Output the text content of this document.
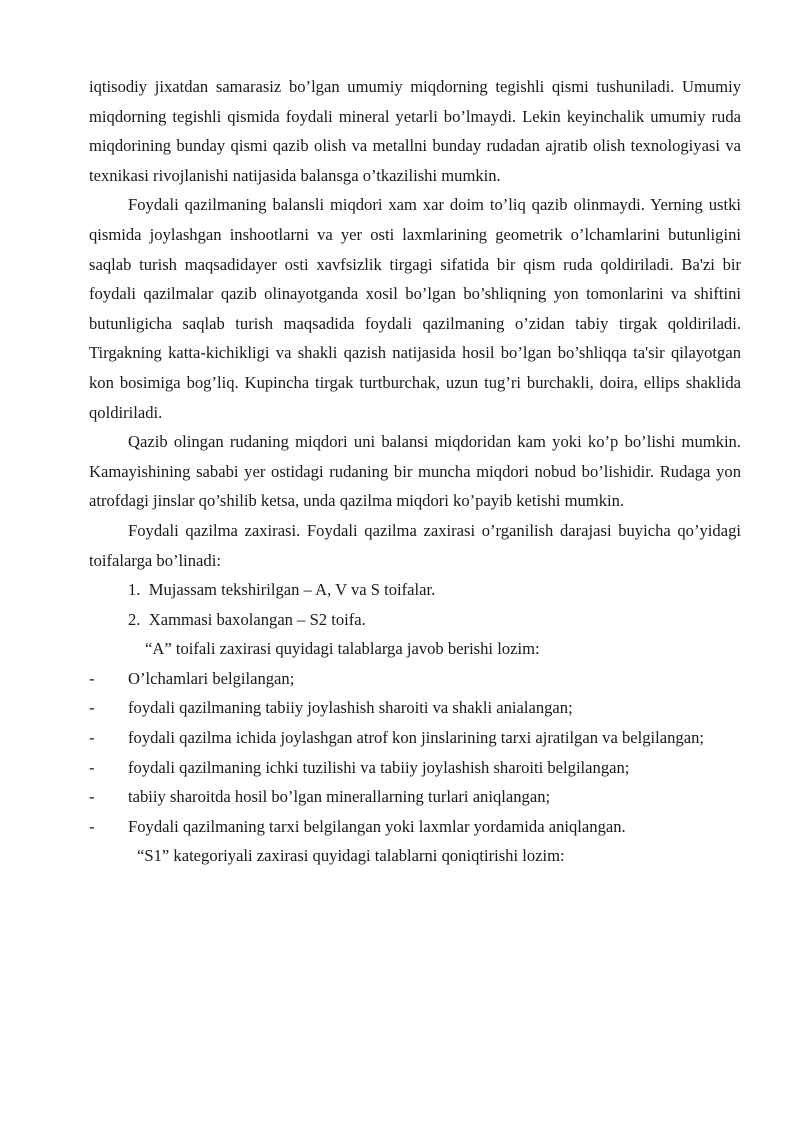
iqtisodiy jixatdan samarasiz bo’lgan umumiy miqdorning tegishli qismi tushuniladi. Umumiy miqdorning tegishli qismida foydali mineral yetarli bo’lmaydi. Lekin keyinchalik umumiy ruda miqdorining bunday qismi qazib olish va metallni bunday rudadan ajratib olish texnologiyasi va texnikasi rivojlanishi natijasida balansga o’tkazilishi mumkin.

Foydali qazilmaning balansli miqdori xam xar doim to’liq qazib olinmaydi. Yerning ustki qismida joylashgan inshootlarni va yer osti laxmlarining geometrik o’lchamlarini butunligini saqlab turish maqsadidayer osti xavfsizlik tirgagi sifatida bir qism ruda qoldiriladi. Ba'zi bir foydali qazilmalar qazib olinayotganda xosil bo’lgan bo’shliqning yon tomonlarini va shiftini butunligicha saqlab turish maqsadida foydali qazilmaning o’zidan tabiy tirgak qoldiriladi. Tirgakning katta-kichikligi va shakli qazish natijasida hosil bo’lgan bo’shliqqa ta'sir qilayotgan kon bosimiga bog’liq. Kupincha tirgak turtburchak, uzun tug’ri burchakli, doira, ellips shaklida qoldiriladi.

Qazib olingan rudaning miqdori uni balansi miqdoridan kam yoki ko’p bo’lishi mumkin. Kamayishining sababi yer ostidagi rudaning bir muncha miqdori nobud bo’lishidir. Rudaga yon atrofdagi jinslar qo’shilib ketsa, unda qazilma miqdori ko’payib ketishi mumkin.

Foydali qazilma zaxirasi. Foydali qazilma zaxirasi o’rganilish darajasi buyicha qo’yidagi toifalarga bo’linadi:

1. Mujassam tekshirilgan – A, V va S toifalar.

2. Xammasi baxolangan – S2 toifa.

“A” toifali zaxirasi quyidagi talablarga javob berishi lozim:

-	O’lchamlari belgilangan;
-	foydali qazilmaning tabiiy joylashish sharoiti va shakli anialangan;
-	foydali qazilma ichida joylashgan atrof kon jinslarining tarxi ajratilgan va belgilangan;
-	foydali qazilmaning ichki tuzilishi va tabiiy joylashish sharoiti belgilangan;
-	tabiiy sharoitda hosil bo’lgan minerallarning turlari aniqlangan;
-	Foydali qazilmaning tarxi belgilangan yoki laxmlar yordamida aniqlangan.

“S1” kategoriyali zaxirasi quyidagi talablarni qoniqtirishi lozim:
